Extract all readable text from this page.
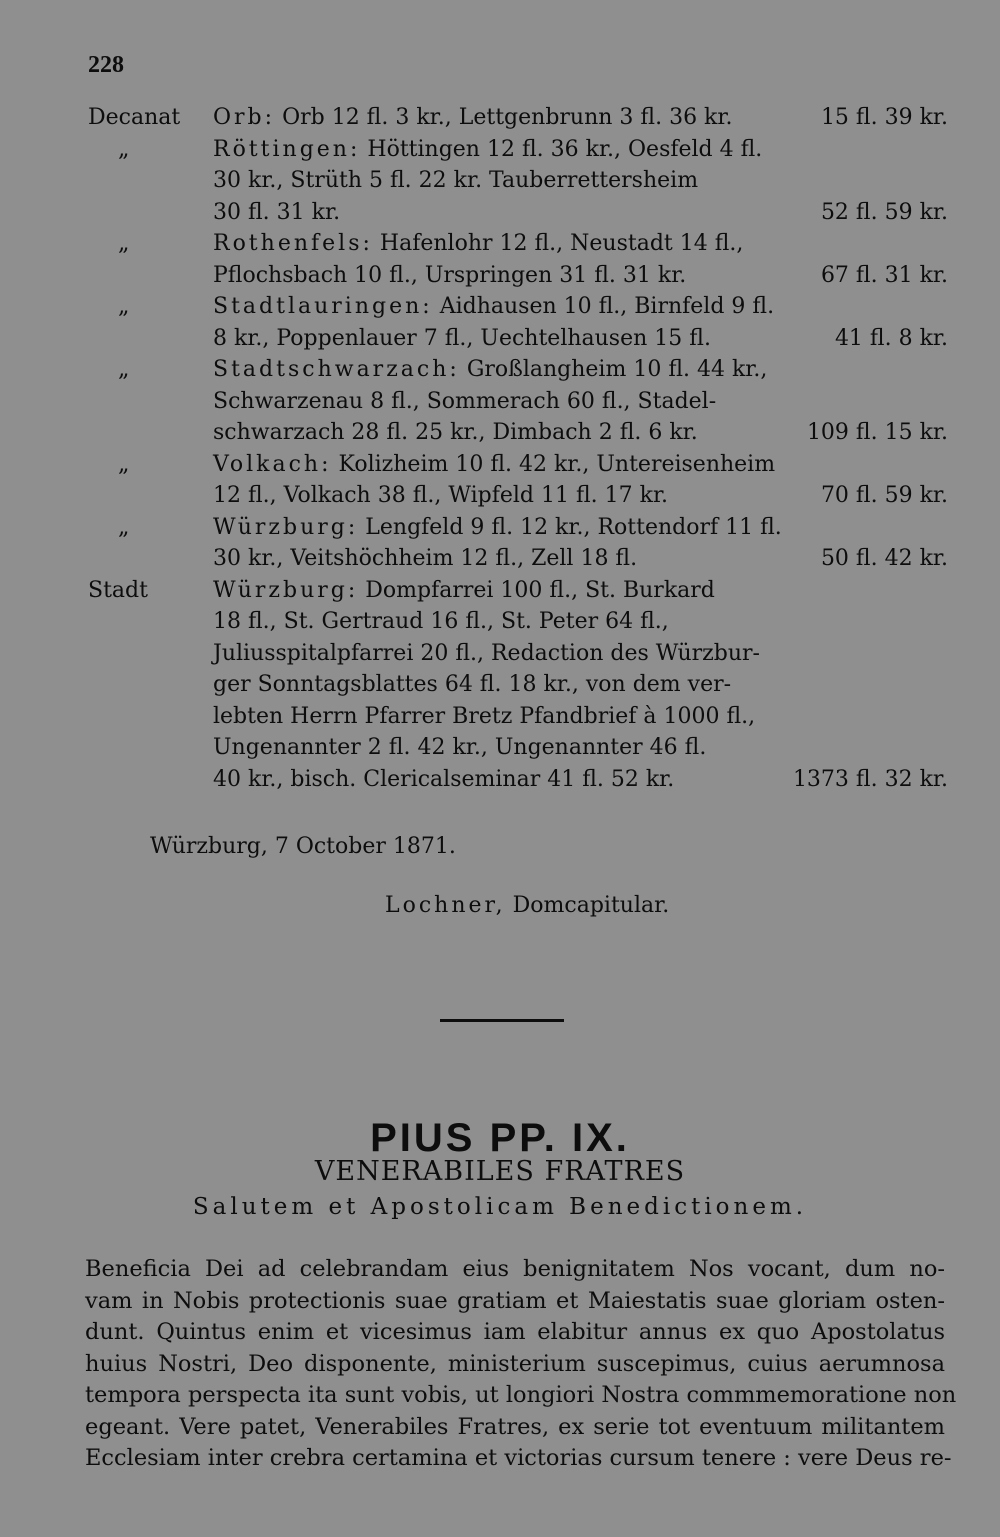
228
Decanat Orb: Orb 12 fl. 3 kr., Lettgenbrunn 3 fl. 36 kr.	15 fl. 39 kr.
„	Röttingen: Höttingen 12 fl. 36 kr., Oesfeld 4 fl.
30 kr., Strüth 5 fl. 22 kr. Tauberrettersheim
30 fl. 31 kr.	52 fl. 59 kr.
„	Rothenfels: Hafenlohr 12 fl., Neustadt 14 fl.,
Pflochsbach 10 fl., Urspringen 31 fl. 31 kr.	67 fl. 31 kr.
„	Stadtlauringen: Aidhausen 10 fl., Birnfeld 9 fl.
8 kr., Poppenlauer 7 fl., Uechtelhausen 15 fl.	41 fl. 8 kr.
„	Stadtschwarzach: Großlangheim 10 fl. 44 kr.,
Schwarzenau 8 fl., Sommerach 60 fl., Stadel-
schwarzach 28 fl. 25 kr., Dimbach 2 fl. 6 kr.	109 fl. 15 kr.
„	Volkach: Kolizheim 10 fl. 42 kr., Untereisenheim
12 fl., Volkach 38 fl., Wipfeld 11 fl. 17 kr.	70 fl. 59 kr.
„	Würzburg: Lengfeld 9 fl. 12 kr., Rottendorf 11 fl.
30 kr., Veitshöchheim 12 fl., Zell 18 fl.	50 fl. 42 kr.
Stadt	Würzburg: Dompfarrei 100 fl., St. Burkard
18 fl., St. Gertraud 16 fl., St. Peter 64 fl.,
Juliusspitalpfarrei 20 fl., Redaction des Würzbur-
ger Sonntagsblattes 64 fl. 18 kr., von dem ver-
lebten Herrn Pfarrer Bretz Pfandbrief à 1000 fl.,
Ungenannter 2 fl. 42 kr., Ungenannter 46 fl.
40 kr., bisch. Clericalseminar 41 fl. 52 kr.	1373 fl. 32 kr.
Würzburg, 7 October 1871.
Lochner, Domcapitular.
PIUS PP. IX.
VENERABILES FRATRES
Salutem et Apostolicam Benedictionem.
Beneficia Dei ad celebrandam eius benignitatem Nos vocant, dum no-
vam in Nobis protectionis suae gratiam et Maiestatis suae gloriam osten-
dunt. Quintus enim et vicesimus iam elabitur annus ex quo Apostolatus
huius Nostri, Deo disponente, ministerium suscepimus, cuius aerumnosa
tempora perspecta ita sunt vobis, ut longiori Nostra commmemoratione non
egeant. Vere patet, Venerabiles Fratres, ex serie tot eventuum militantem
Ecclesiam inter crebra certamina et victorias cursum tenere : vere Deus re-
